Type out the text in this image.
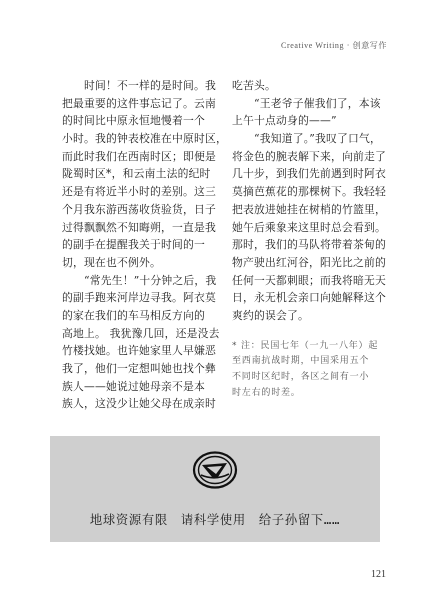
Creative Writing · 创意写作
时间！不一样的是时间。我
把最重要的这件事忘记了。云南
的时间比中原永恒地慢着一个
小时。我的钟表校准在中原时区，
而此时我们在西南时区；即便是
陇蜀时区*，和云南土法的纪时
还是有将近半小时的差别。这三
个月我东游西荡收货验货，日子
过得飘飘然不知晦朔，一直是我
的副手在提醒我关于时间的一
切，现在也不例外。
“常先生！”十分钟之后，我
的副手跑来河岸边寻我。阿衣莫
的家在我们的车马相反方向的
高地上。 我犹豫几回，还是没去
竹楼找她。也许她家里人早嫌恶
我了，他们一定想叫她也找个彝
族人——她说过她母亲不是本
族人，这没少让她父母在成亲时
吃苦头。
“王老爷子催我们了，本该
上午十点动身的——”
“我知道了。”我叹了口气，
将金色的腕表解下来，向前走了
几十步，到我们先前遇到时阿衣
莫摘芭蕉花的那棵树下。我轻轻
把表放进她挂在树梢的竹篮里，
她午后乘象来这里时总会看到。
那时，我们的马队将带着茶甸的
物产驶出红河谷，阳光比之前的
任何一天都刺眼；而我将暗无天
日，永无机会亲口向她解释这个
爽约的误会了。
* 注：民国七年（一九一八年）起
至西南抗战时期，中国采用五个
不同时区纪时，各区之间有一小
时左右的时差。
地球资源有限　请科学使用　给子孙留下……
121
